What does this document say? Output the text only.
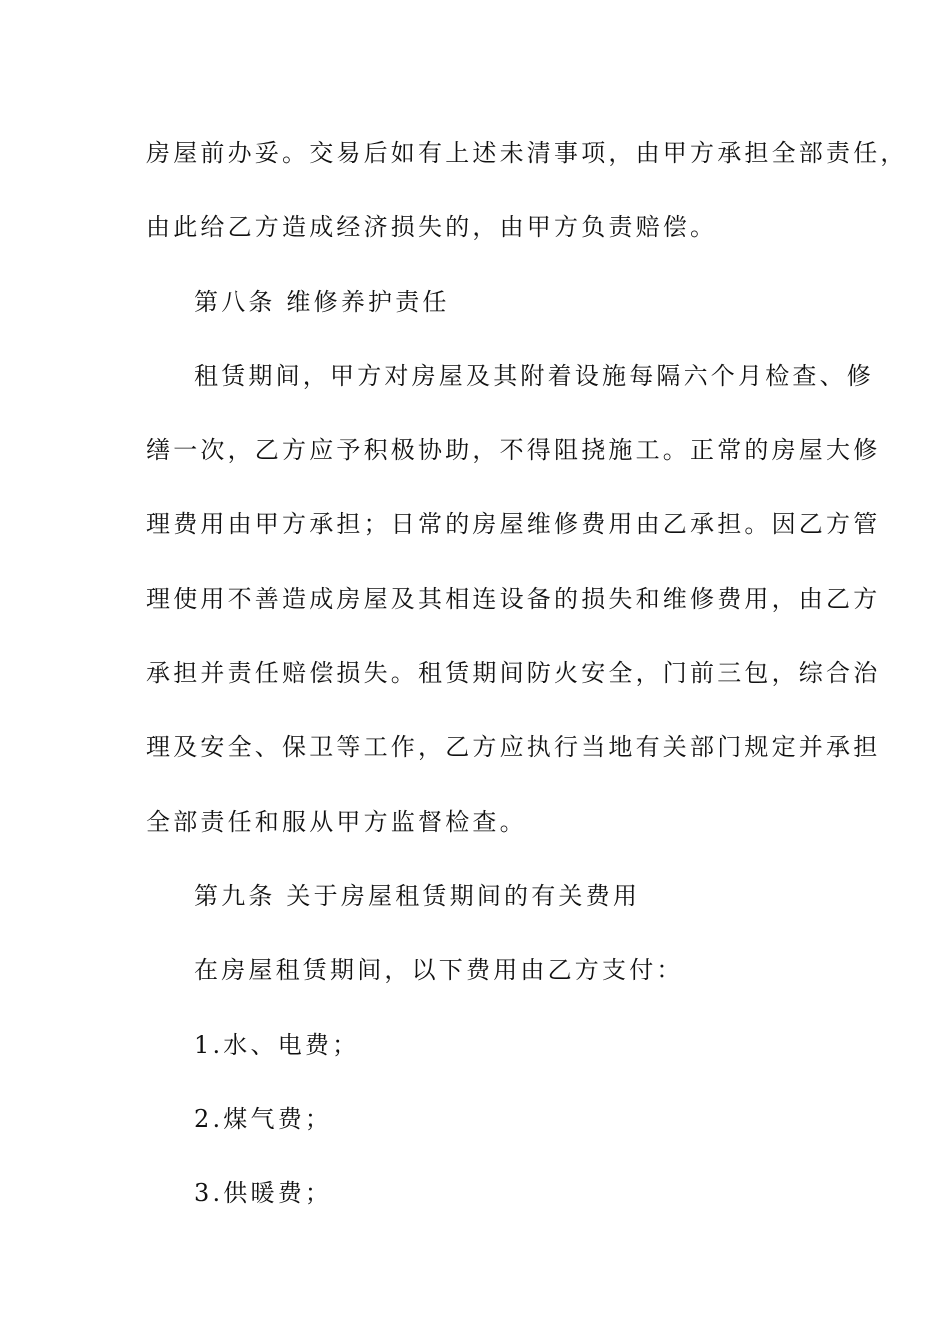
房屋前办妥。交易后如有上述未清事项，由甲方承担全部责任，
由此给乙方造成经济损失的，由甲方负责赔偿。
第八条 维修养护责任
租赁期间，甲方对房屋及其附着设施每隔六个月检查、修
缮一次，乙方应予积极协助，不得阻挠施工。正常的房屋大修
理费用由甲方承担；日常的房屋维修费用由乙承担。因乙方管
理使用不善造成房屋及其相连设备的损失和维修费用，由乙方
承担并责任赔偿损失。租赁期间防火安全，门前三包，综合治
理及安全、保卫等工作，乙方应执行当地有关部门规定并承担
全部责任和服从甲方监督检查。
第九条 关于房屋租赁期间的有关费用
在房屋租赁期间，以下费用由乙方支付：
1.水、电费；
2.煤气费；
3.供暖费；
